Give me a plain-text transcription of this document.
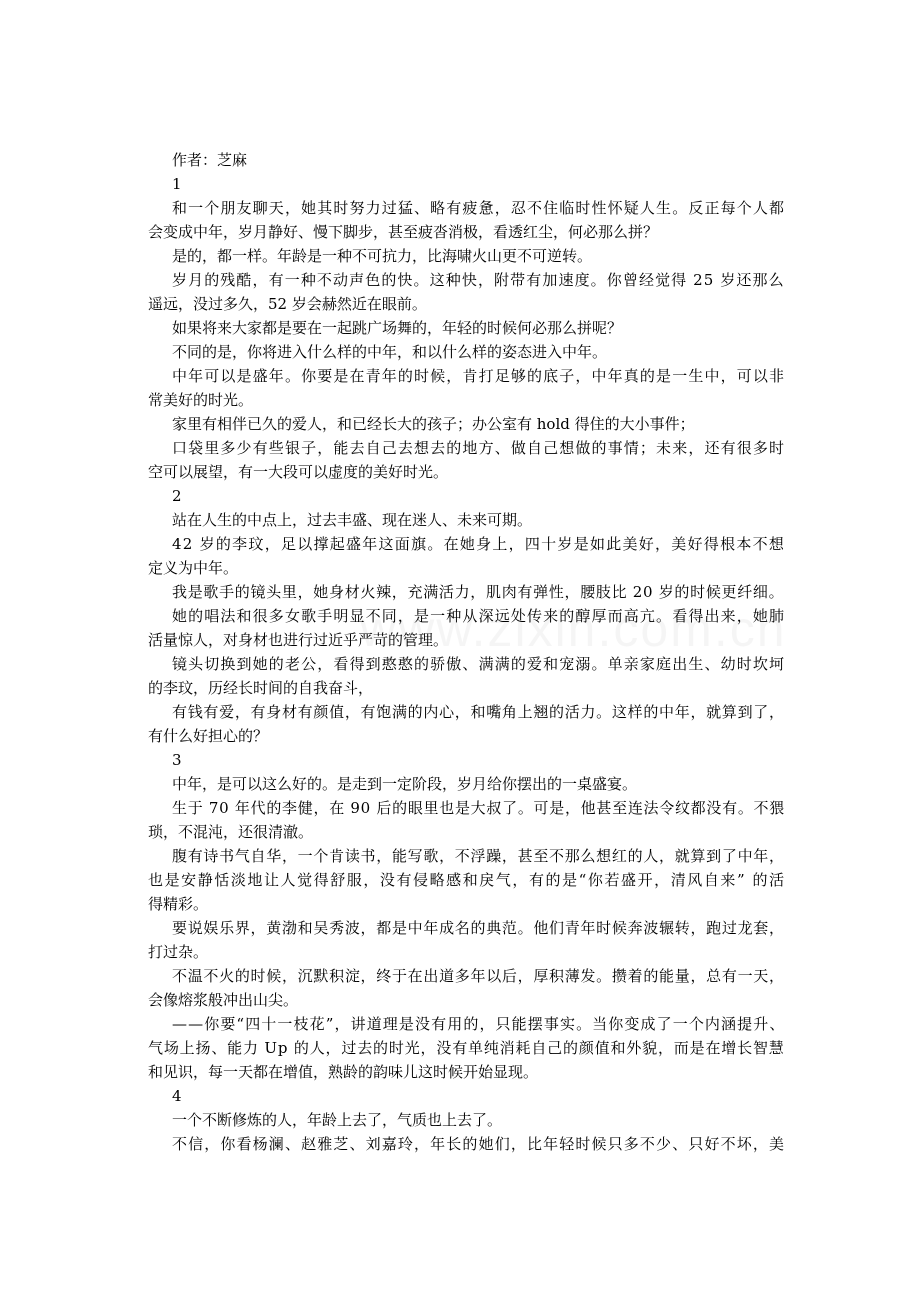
作者：芝麻
1
和一个朋友聊天，她其时努力过猛、略有疲惫，忍不住临时性怀疑人生。反正每个人都
会变成中年，岁月静好、慢下脚步，甚至疲沓消极，看透红尘，何必那么拼？
是的，都一样。年龄是一种不可抗力，比海啸火山更不可逆转。
岁月的残酷，有一种不动声色的快。这种快，附带有加速度。你曾经觉得 25 岁还那么
遥远，没过多久，52 岁会赫然近在眼前。
如果将来大家都是要在一起跳广场舞的，年轻的时候何必那么拼呢？
不同的是，你将进入什么样的中年，和以什么样的姿态进入中年。
中年可以是盛年。你要是在青年的时候，肯打足够的底子，中年真的是一生中，可以非
常美好的时光。
家里有相伴已久的爱人，和已经长大的孩子；办公室有 hold 得住的大小事件；
口袋里多少有些银子，能去自己去想去的地方、做自己想做的事情；未来，还有很多时
空可以展望，有一大段可以虚度的美好时光。
2
站在人生的中点上，过去丰盛、现在迷人、未来可期。
42 岁的李玟，足以撑起盛年这面旗。在她身上，四十岁是如此美好，美好得根本不想
定义为中年。
我是歌手的镜头里，她身材火辣，充满活力，肌肉有弹性，腰肢比 20 岁的时候更纤细。
她的唱法和很多女歌手明显不同，是一种从深远处传来的醇厚而高亢。看得出来，她肺
活量惊人，对身材也进行过近乎严苛的管理。
镜头切换到她的老公，看得到憨憨的骄傲、满满的爱和宠溺。单亲家庭出生、幼时坎坷
的李玟，历经长时间的自我奋斗，
有钱有爱，有身材有颜值，有饱满的内心，和嘴角上翘的活力。这样的中年，就算到了，
有什么好担心的？
3
中年，是可以这么好的。是走到一定阶段，岁月给你摆出的一桌盛宴。
生于 70 年代的李健，在 90 后的眼里也是大叔了。可是，他甚至连法令纹都没有。不猥
琐，不混沌，还很清澈。
腹有诗书气自华，一个肯读书，能写歌，不浮躁，甚至不那么想红的人，就算到了中年，
也是安静恬淡地让人觉得舒服，没有侵略感和戾气，有的是“你若盛开，清风自来” 的活
得精彩。
要说娱乐界，黄渤和吴秀波，都是中年成名的典范。他们青年时候奔波辗转，跑过龙套，
打过杂。
不温不火的时候，沉默积淀，终于在出道多年以后，厚积薄发。攒着的能量，总有一天，
会像熔浆般冲出山尖。
——你要“四十一枝花”，讲道理是没有用的，只能摆事实。当你变成了一个内涵提升、
气场上扬、能力 Up 的人，过去的时光，没有单纯消耗自己的颜值和外貌，而是在增长智慧
和见识，每一天都在增值，熟龄的韵味儿这时候开始显现。
4
一个不断修炼的人，年龄上去了，气质也上去了。
不信，你看杨澜、赵雅芝、刘嘉玲，年长的她们，比年轻时候只多不少、只好不坏，美
